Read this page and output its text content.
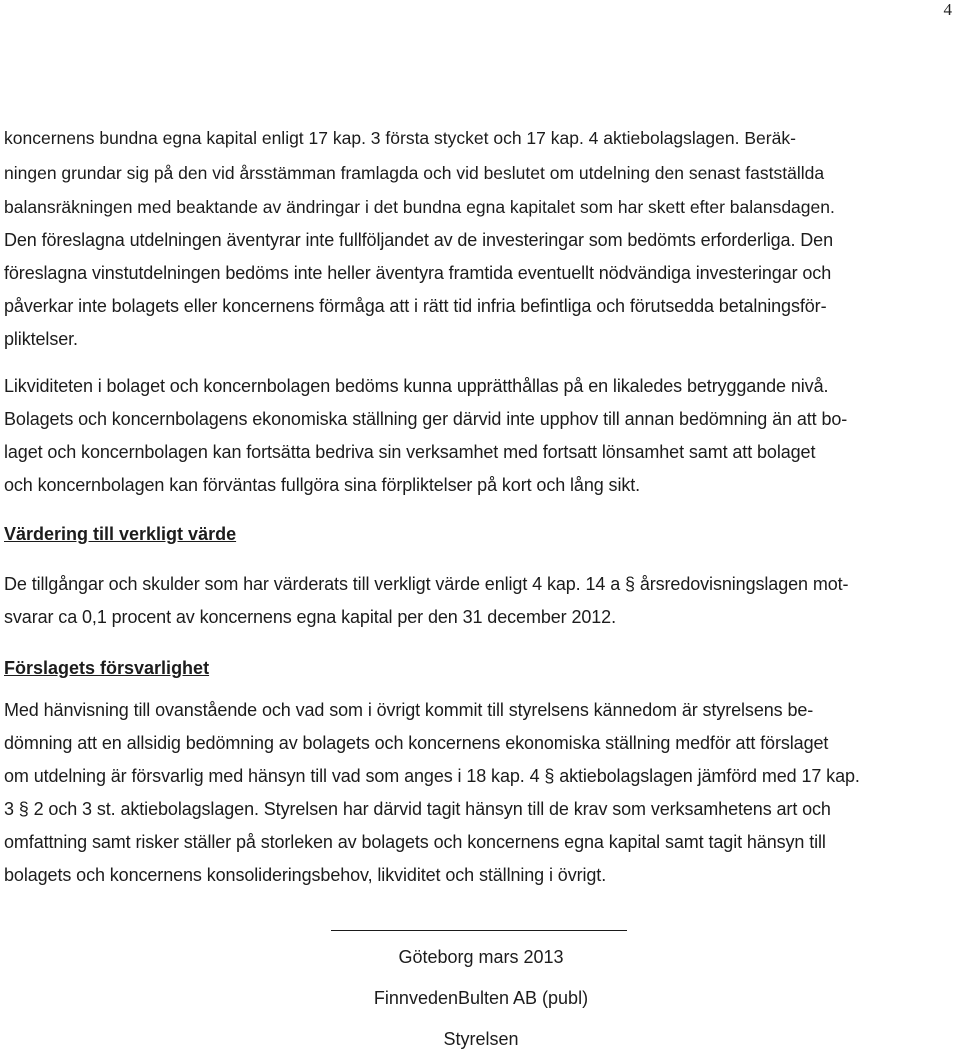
4
koncernens bundna egna kapital enligt 17 kap. 3 första stycket och 17 kap. 4 aktiebolagslagen. Beräk-
ningen grundar sig på den vid årsstämman framlagda och vid beslutet om utdelning den senast fastställda
balansräkningen med beaktande av ändringar i det bundna egna kapitalet som har skett efter balansdagen.
Den föreslagna utdelningen äventyrar inte fullföljandet av de investeringar som bedömts erforderliga. Den
föreslagna vinstutdelningen bedöms inte heller äventyra framtida eventuellt nödvändiga investeringar och
påverkar inte bolagets eller koncernens förmåga att i rätt tid infria befintliga och förutsedda betalningsför-
pliktelser.
Likviditeten i bolaget och koncernbolagen bedöms kunna upprätthållas på en likaledes betryggande nivå.
Bolagets och koncernbolagens ekonomiska ställning ger därvid inte upphov till annan bedömning än att bo-
laget och koncernbolagen kan fortsätta bedriva sin verksamhet med fortsatt lönsamhet samt att bolaget
och koncernbolagen kan förväntas fullgöra sina förpliktelser på kort och lång sikt.
Värdering till verkligt värde
De tillgångar och skulder som har värderats till verkligt värde enligt 4 kap. 14 a § årsredovisningslagen mot-
svarar ca 0,1 procent av koncernens egna kapital per den 31 december 2012.
Förslagets försvarlighet
Med hänvisning till ovanstående och vad som i övrigt kommit till styrelsens kännedom är styrelsens be-
dömning att en allsidig bedömning av bolagets och koncernens ekonomiska ställning medför att förslaget
om utdelning är försvarlig med hänsyn till vad som anges i 18 kap. 4 § aktiebolagslagen jämförd med 17 kap.
3 § 2 och 3 st. aktiebolagslagen. Styrelsen har därvid tagit hänsyn till de krav som verksamhetens art och
omfattning samt risker ställer på storleken av bolagets och koncernens egna kapital samt tagit hänsyn till
bolagets och koncernens konsolideringsbehov, likviditet och ställning i övrigt.
Göteborg mars 2013
FinnvedenBulten AB (publ)
Styrelsen
